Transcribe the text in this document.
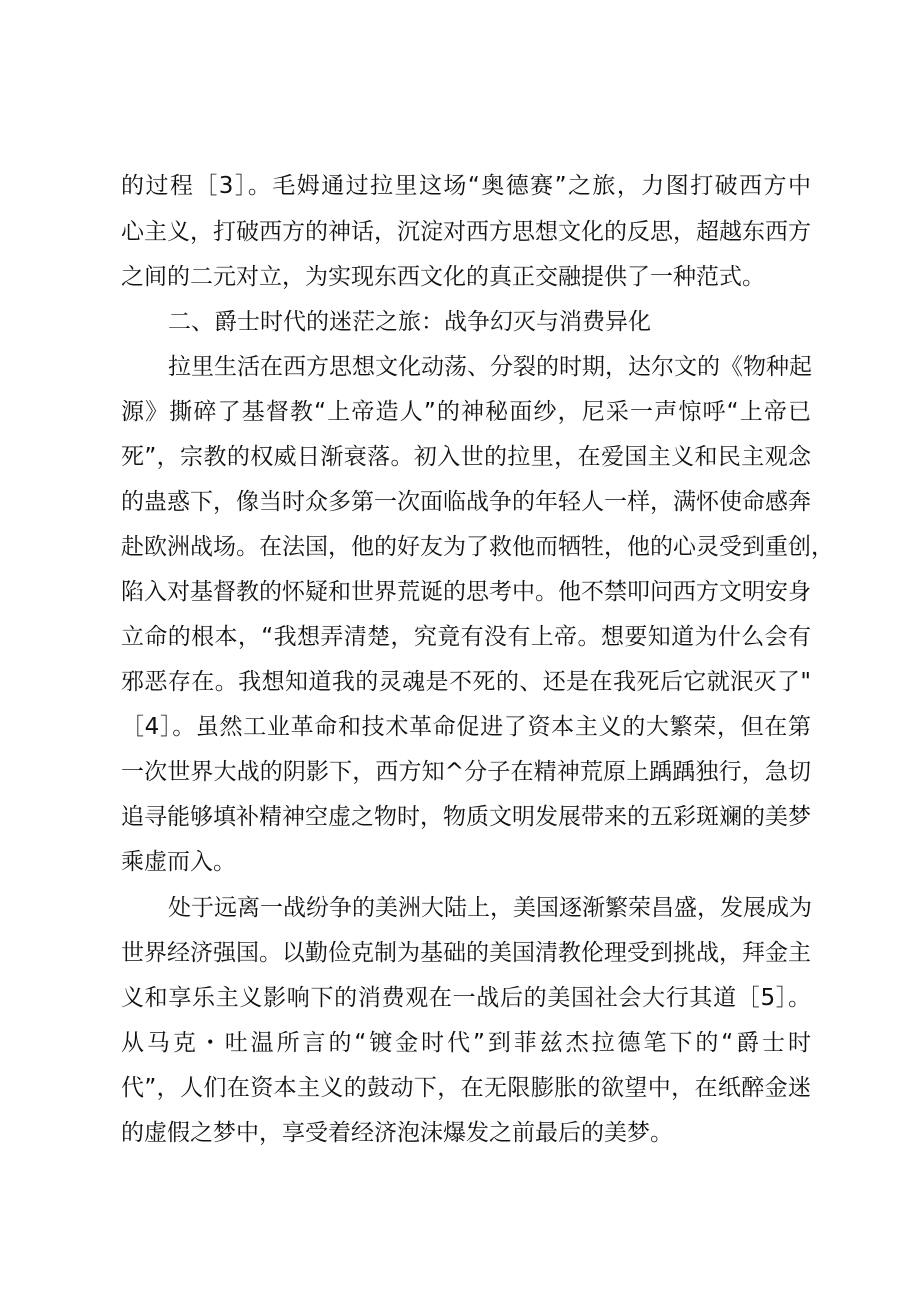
的过程［3］。毛姆通过拉里这场“奥德赛”之旅，力图打破西方中
心主义，打破西方的神话，沉淀对西方思想文化的反思，超越东西方
之间的二元对立，为实现东西文化的真正交融提供了一种范式。
二、爵士时代的迷茫之旅：战争幻灭与消费异化
拉里生活在西方思想文化动荡、分裂的时期，达尔文的《物种起
源》撕碎了基督教“上帝造人”的神秘面纱，尼采一声惊呼“上帝已
死”，宗教的权威日渐衰落。初入世的拉里，在爱国主义和民主观念
的蛊惑下，像当时众多第一次面临战争的年轻人一样，满怀使命感奔
赴欧洲战场。在法国，他的好友为了救他而牺牲，他的心灵受到重创，
陷入对基督教的怀疑和世界荒诞的思考中。他不禁叩问西方文明安身
立命的根本，“我想弄清楚，究竟有没有上帝。想要知道为什么会有
邪恶存在。我想知道我的灵魂是不死的、还是在我死后它就泯灭了"
［4］。虽然工业革命和技术革命促进了资本主义的大繁荣，但在第
一次世界大战的阴影下，西方知^分子在精神荒原上踽踽独行，急切
追寻能够填补精神空虚之物时，物质文明发展带来的五彩斑斓的美梦
乘虚而入。
处于远离一战纷争的美洲大陆上，美国逐渐繁荣昌盛，发展成为
世界经济强国。以勤俭克制为基础的美国清教伦理受到挑战，拜金主
义和享乐主义影响下的消费观在一战后的美国社会大行其道［5］。
从马克・吐温所言的“镀金时代”到菲兹杰拉德笔下的“爵士时
代”，人们在资本主义的鼓动下，在无限膨胀的欲望中，在纸醉金迷
的虚假之梦中，享受着经济泡沫爆发之前最后的美梦。
